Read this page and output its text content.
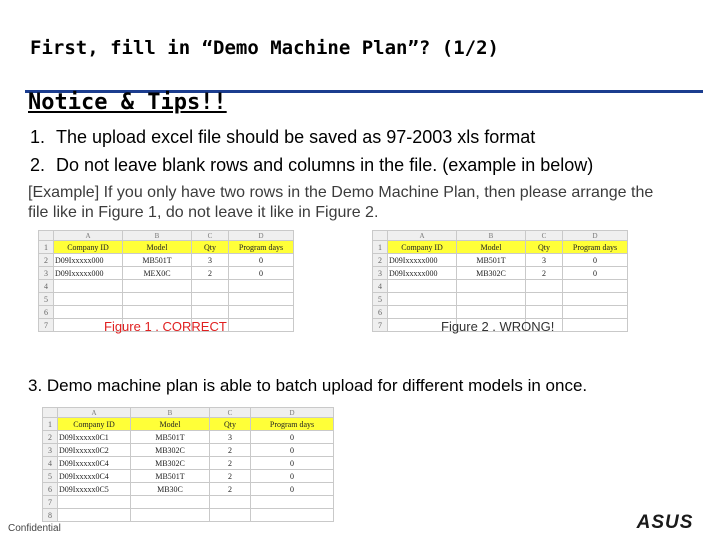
First, fill in “Demo Machine Plan”? (1/2)
Notice & Tips!!
1. The upload excel file should be saved as 97-2003 xls format
2. Do not leave blank rows and columns in the file. (example in below)
[Example] If you only have two rows in the Demo Machine Plan, then please arrange the file like in Figure 1, do not leave it like in Figure 2.
	A	B	C	D
1	Company ID	Model	Qty	Program days
2	D09Ixxxxx000	MB501T	3	0
3	D09Ixxxxx000	MEX0C	2	0
4				
5				
6				
7					Figure 1 . CORRECT
	A	B	C	D
1	Company ID	Model	Qty	Program days
2	D09Ixxxxx000	MB501T	3	0
3	D09Ixxxxx000	MB302C	2	0
4				
5				
6				
7					Figure 2 . WRONG!
3. Demo machine plan is able to batch upload for different models in once.
	A	B	C	D
1	Company ID	Model	Qty	Program days
2	D09Ixxxxx0C1	MB501T	3	0
3	D09Ixxxxx0C2	MB302C	2	0
4	D09Ixxxxx0C4	MB302C	2	0
5	D09Ixxxxx0C4	MB501T	2	0
6	D09Ixxxxx0C5	MB30C	2	0
7				
8				
Confidential	ASUS
